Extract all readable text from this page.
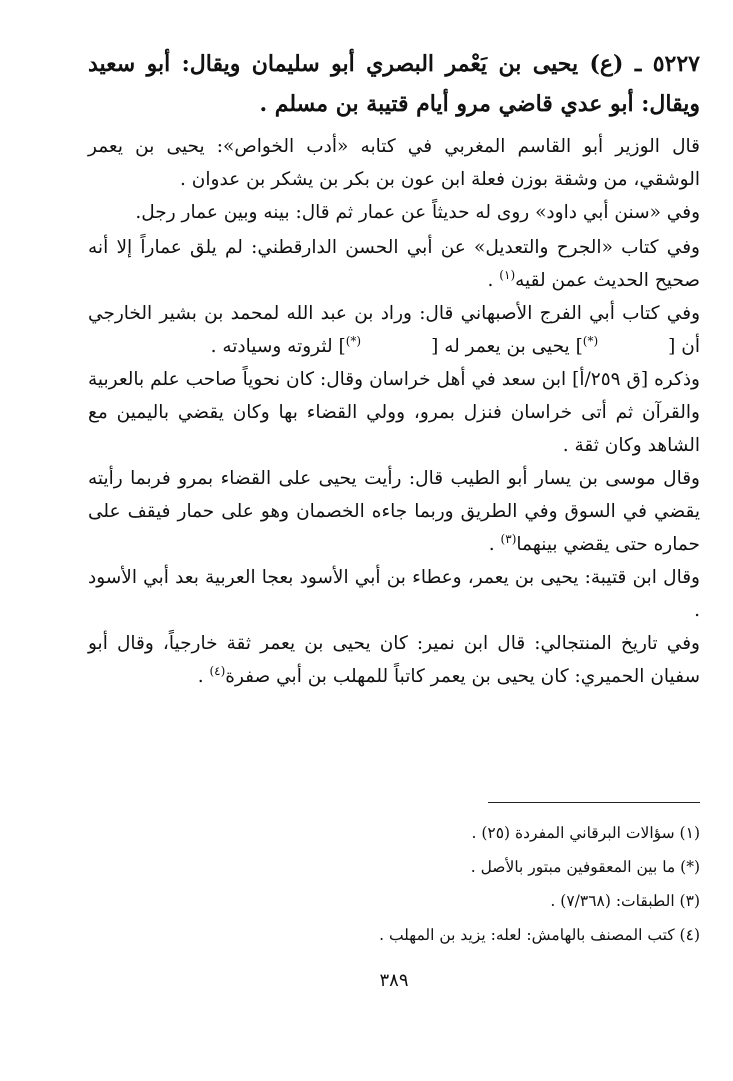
٥٢٢٧ ـ (ع) يحيى بن يَعْمر البصري أبو سليمان ويقال: أبو سعيد ويقال: أبو عدي قاضي مرو أيام قتيبة بن مسلم .

قال الوزير أبو القاسم المغربي في كتابه «أدب الخواص»: يحيى بن يعمر الوشقي، من وشقة بوزن فعلة ابن عون بن بكر بن يشكر بن عدوان .

وفي «سنن أبي داود» روى له حديثاً عن عمار ثم قال: بينه وبين عمار رجل.

وفي كتاب «الجرح والتعديل» عن أبي الحسن الدارقطني: لم يلق عماراً إلا أنه صحيح الحديث عمن لقيه$^{(١)}$ .

وفي كتاب أبي الفرج الأصبهاني قال: وراد بن عبد الله لمحمد بن بشير الخارجي أن [(*)] يحيى بن يعمر له [(*)] لثروته وسيادته .

وذكره [ق ٢٥٩/أ] ابن سعد في أهل خراسان وقال: كان نحوياً صاحب علم بالعربية والقرآن ثم أتى خراسان فنزل بمرو، وولي القضاء بها وكان يقضي باليمين مع الشاهد وكان ثقة .

وقال موسى بن يسار أبو الطيب قال: رأيت يحيى على القضاء بمرو فربما رأيته يقضي في السوق وفي الطريق وربما جاءه الخصمان وهو على حمار فيقف على حماره حتى يقضي بينهما$^{(٣)}$ .

وقال ابن قتيبة: يحيى بن يعمر، وعطاء بن أبي الأسود بعجا العربية بعد أبي الأسود .

وفي تاريخ المنتجالي: قال ابن نمير: كان يحيى بن يعمر ثقة خارجياً، وقال أبو سفيان الحميري: كان يحيى بن يعمر كاتباً للمهلب بن أبي صفرة$^{(٤)}$ .

(١) سؤالات البرقاني المفردة (٢٥) .
(*) ما بين المعقوفين مبتور بالأصل .
(٣) الطبقات: (٧/٣٦٨) .
(٤) كتب المصنف بالهامش: لعله: يزيد بن المهلب .
٣٨٩
